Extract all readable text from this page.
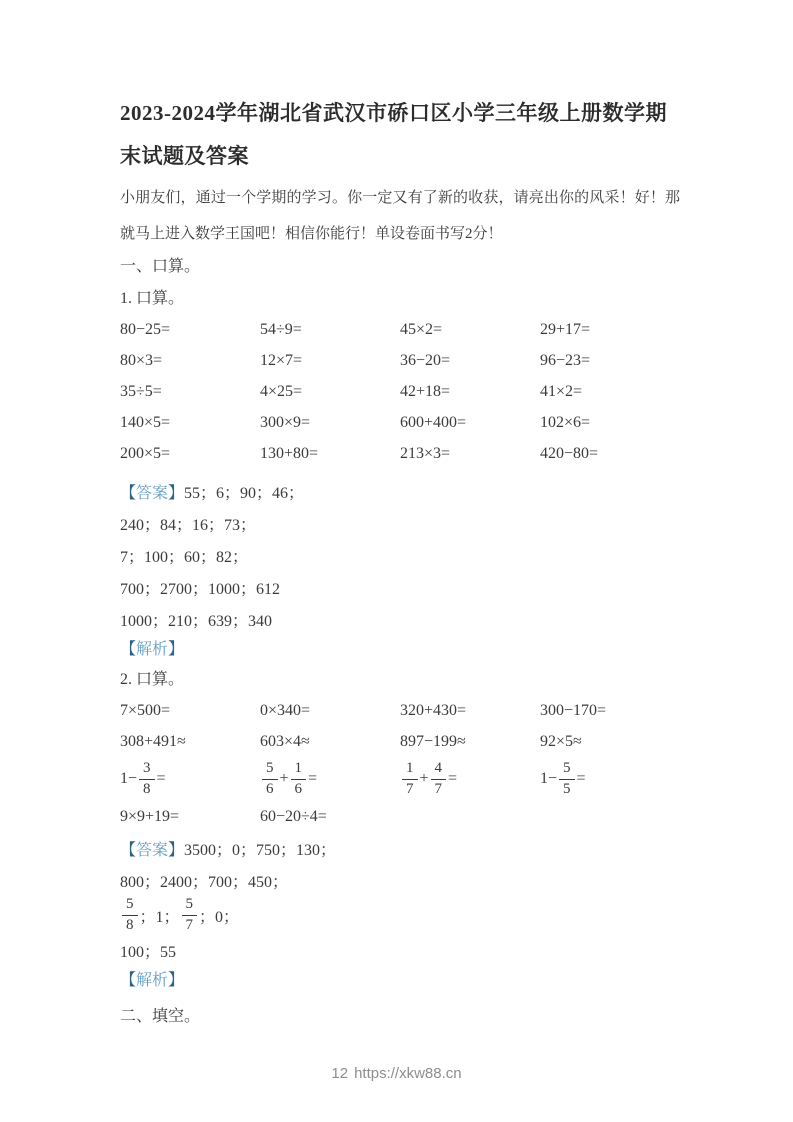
2023-2024学年湖北省武汉市硚口区小学三年级上册数学期末试题及答案

小朋友们，通过一个学期的学习。你一定又有了新的收获，请亮出你的风采！好！那就马上进入数学王国吧！相信你能行！单设卷面书写2分！

一、口算。

1. 口算。

80−25=	54÷9=	45×2=	29+17=
80×3=	12×7=	36−20=	96−23=
35÷5=	4×25=	42+18=	41×2=
140×5=	300×9=	600+400=	102×6=
200×5=	130+80=	213×3=	420−80=

【 答案 】 55；6；90；46；

240；84；16；73；

7；100；60；82；

700；2700；1000；612

1000；210；639；340

【解析】

2. 口算。

7×500=	0×340=	320+430=	300−170=
308+491≈	603×4≈	897−199≈	92×5≈
$1- \frac{3}{8}$ =	$\frac{5}{6} + \frac{1}{6}$ =	$\frac{1}{7} + \frac{4}{7}$ =	$1- \frac{5}{5}$ =
9×9+19=	60−20÷4=

【 答案 】 3500；0；750；130；

800；2400；700；450；

$\frac{5}{8}$ ；1； $\frac{5}{7}$ ；0；

100；55

【解析】

二、填空。

12 https://xkw88.cn
